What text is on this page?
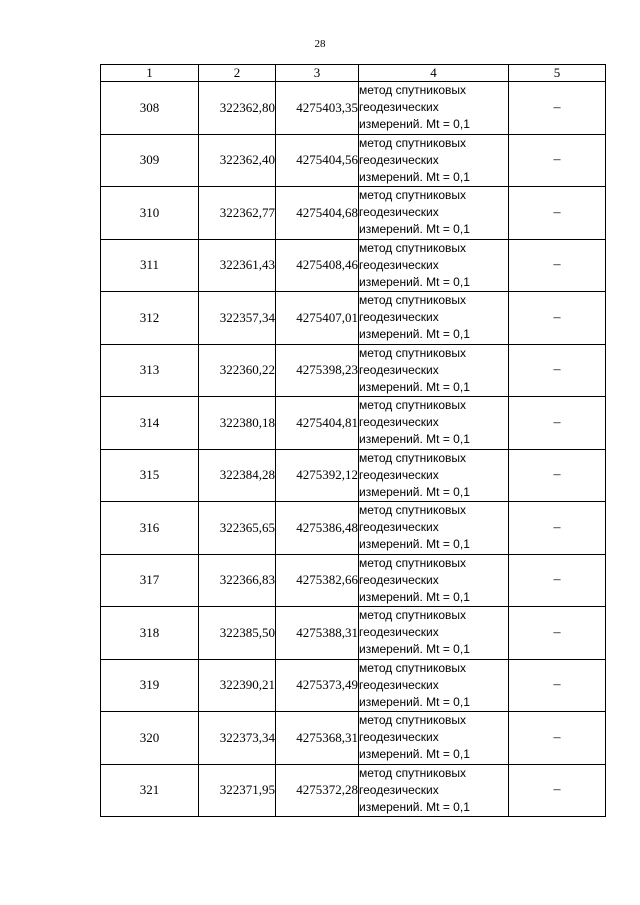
28
1	2	3	4	5
308	322362,80	4275403,35	метод спутниковых
геодезических
измерений. Mt = 0,1	–
309	322362,40	4275404,56	метод спутниковых
геодезических
измерений. Mt = 0,1	–
310	322362,77	4275404,68	метод спутниковых
геодезических
измерений. Mt = 0,1	–
311	322361,43	4275408,46	метод спутниковых
геодезических
измерений. Mt = 0,1	–
312	322357,34	4275407,01	метод спутниковых
геодезических
измерений. Mt = 0,1	–
313	322360,22	4275398,23	метод спутниковых
геодезических
измерений. Mt = 0,1	–
314	322380,18	4275404,81	метод спутниковых
геодезических
измерений. Mt = 0,1	–
315	322384,28	4275392,12	метод спутниковых
геодезических
измерений. Mt = 0,1	–
316	322365,65	4275386,48	метод спутниковых
геодезических
измерений. Mt = 0,1	–
317	322366,83	4275382,66	метод спутниковых
геодезических
измерений. Mt = 0,1	–
318	322385,50	4275388,31	метод спутниковых
геодезических
измерений. Mt = 0,1	–
319	322390,21	4275373,49	метод спутниковых
геодезических
измерений. Mt = 0,1	–
320	322373,34	4275368,31	метод спутниковых
геодезических
измерений. Mt = 0,1	–
321	322371,95	4275372,28	метод спутниковых
геодезических
измерений. Mt = 0,1	–
